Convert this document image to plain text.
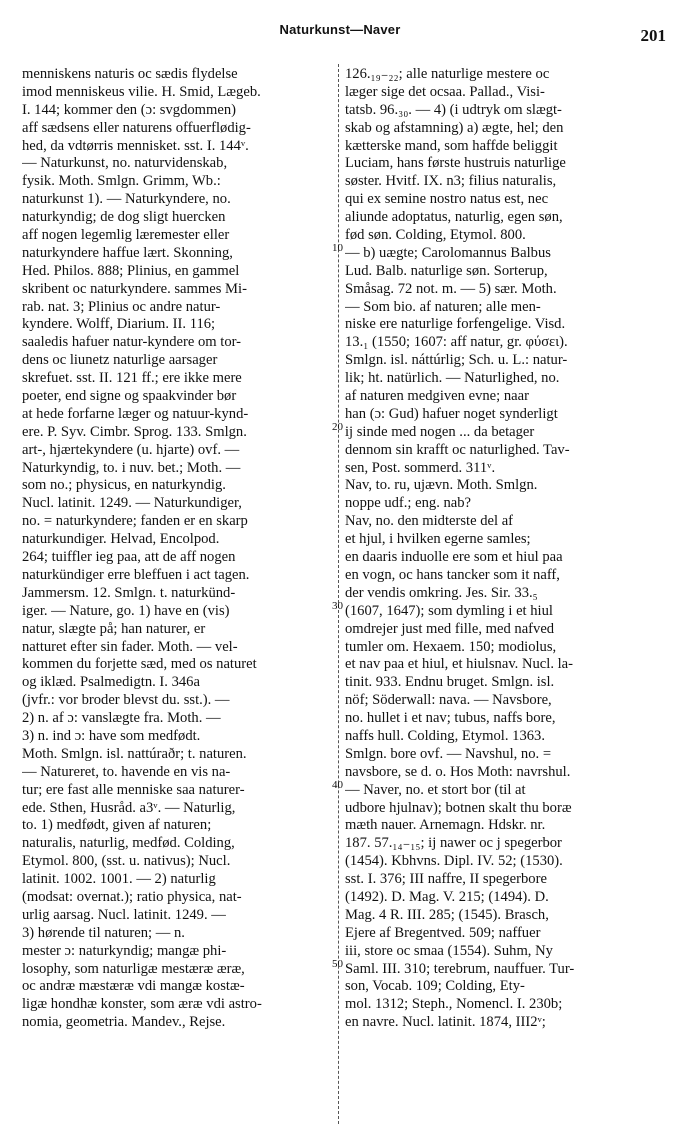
Naturkunst—Naver	201
menniskens naturis oc sædis flydelse
imod menniskeus vilie. H. Smid, Lægeb.
I. 144; kommer den (ɔ: svgdommen)
aff sædsens eller naturens offuerflødig-
hed, da vdtørris mennisket. sst. I. 144ᵛ.
— Naturkunst, no. naturvidenskab,
fysik. Moth. Smlgn. Grimm, Wb.:
naturkunst 1). — Naturkyndere, no.
naturkyndig; de dog sligt huercken
aff nogen legemlig læremester eller
naturkyndere haffue lært. Skonning,
Hed. Philos. 888; Plinius, en gammel
skribent oc naturkyndere. sammes Mi-
rab. nat. 3; Plinius oc andre natur-
kyndere. Wolff, Diarium. II. 116;
saaledis hafuer natur-kyndere om tor-
dens oc liunetz naturlige aarsager
skrefuet. sst. II. 121 ff.; ere ikke mere
poeter, end signe og spaakvinder bør
at hede forfarne læger og natuur-kynd-
ere. P. Syv. Cimbr. Sprog. 133. Smlgn.
art-, hjærtekyndere (u. hjarte) ovf. —
Naturkyndig, to. i nuv. bet.; Moth. —
som no.; physicus, en naturkyndig.
Nucl. latinit. 1249. — Naturkundiger,
no. = naturkyndere; fanden er en skarp
naturkundiger. Helvad, Encolpod.
264; tuiffler ieg paa, att de aff nogen
naturkündiger erre bleffuen i act tagen.
Jammersm. 12. Smlgn. t. naturkünd-
iger. — Nature, go. 1) have en (vis)
natur, slægte på; han naturer, er
natturet efter sin fader. Moth. — vel-
kommen du forjette sæd, med os naturet
og iklæd. Psalmedigtn. I. 346a
(jvfr.: vor broder blevst du. sst.). —
2) n. af ɔ: vanslægte fra. Moth. —
3) n. ind ɔ: have som medfødt.
Moth. Smlgn. isl. nattúraðr; t. naturen.
— Natureret, to. havende en vis na-
tur; ere fast alle menniske saa naturer-
ede. Sthen, Husråd. a3ᵛ. — Naturlig,
to. 1) medfødt, given af naturen;
naturalis, naturlig, medfød. Colding,
Etymol. 800, (sst. u. nativus); Nucl.
latinit. 1002. 1001. — 2) naturlig
(modsat: overnat.); ratio physica, nat-
urlig aarsag. Nucl. latinit. 1249. —
3) hørende til naturen; — n.
mester ɔ: naturkyndig; mangæ phi-
losophy, som naturligæ mestæræ æræ,
oc andræ mæstæræ vdi mangæ kostæ-
ligæ hondhæ konster, som æræ vdi astro-
nomia, geometria. Mandev., Rejse.
126.₁₉₋₂₂; alle naturlige mestere oc
læger sige det ocsaa. Pallad., Visi-
tatsb. 96.₃₀. — 4) (i udtryk om slægt-
skab og afstamning) a) ægte, hel; den
kætterske mand, som haffde beliggit
Luciam, hans første hustruis naturlige
søster. Hvitf. IX. n3; filius naturalis,
qui ex semine nostro natus est, nec
aliunde adoptatus, naturlig, egen søn,
fød søn. Colding, Etymol. 800.
— b) uægte; Carolomannus Balbus
Lud. Balb. naturlige søn. Sorterup,
Småsag. 72 not. m. — 5) sær. Moth.
— Som bio. af naturen; alle men-
niske ere naturlige forfengelige. Visd.
13.₁ (1550; 1607: aff natur, gr. φύσει).
Smlgn. isl. náttúrlig; Sch. u. L.: natur-
lik; ht. natürlich. — Naturlighed, no.
af naturen medgiven evne; naar
han (ɔ: Gud) hafuer noget synderligt
ij sinde med nogen ... da betager
dennom sin krafft oc naturlighed. Tav-
sen, Post. sommerd. 311ᵛ.
Nav, to. ru, ujævn. Moth. Smlgn.
noppe udf.; eng. nab?
Nav, no. den midterste del af
et hjul, i hvilken egerne samles;
en daaris induolle ere som et hiul paa
en vogn, oc hans tancker som it naff,
der vendis omkring. Jes. Sir. 33.₅
(1607, 1647); som dymling i et hiul
omdrejer just med fille, med nafved
tumler om. Hexaem. 150; modiolus,
et nav paa et hiul, et hiulsnav. Nucl. la-
tinit. 933. Endnu bruget. Smlgn. isl.
nöf; Söderwall: nava. — Navsbore,
no. hullet i et nav; tubus, naffs bore,
naffs hull. Colding, Etymol. 1363.
Smlgn. bore ovf. — Navshul, no. =
navsbore, se d. o. Hos Moth: navrshul.
— Naver, no. et stort bor (til at
udbore hjulnav); botnen skalt thu boræ
mæth nauer. Arnemagn. Hdskr. nr.
187. 57.₁₄₋₁₅; ij nawer oc j spegerbor
(1454). Kbhvns. Dipl. IV. 52; (1530).
sst. I. 376; III naffre, II spegerbore
(1492). D. Mag. V. 215; (1494). D.
Mag. 4 R. III. 285; (1545). Brasch,
Ejere af Bregentved. 509; naffuer
iii, store oc smaa (1554). Suhm, Ny
Saml. III. 310; terebrum, nauffuer. Tur-
son, Vocab. 109; Colding, Ety-
mol. 1312; Steph., Nomencl. I. 230b;
en navre. Nucl. latinit. 1874, III2ᵛ;
10
20
30
40
50
